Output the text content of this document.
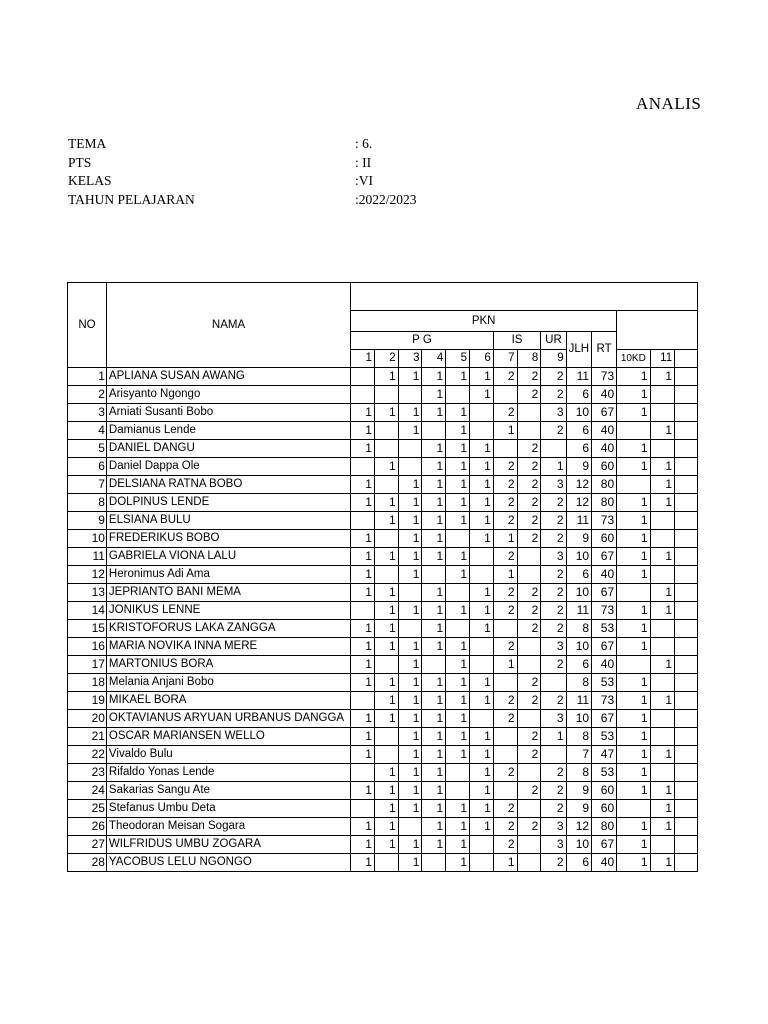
ANALIS
TEMA	: 6.
PTS	: II
KELAS	:VI
TAHUN PELAJARAN	:2022/2023
NO	NAMA														
		PKN													
		P G						IS		UR	JLH	RT			
		1	2	3	4	5	6	7	8	9			10KD	11	
1	APLIANA SUSAN AWANG		1	1	1	1	1	2	2	2	11	73	1	1	
2	Arisyanto Ngongo				1		1		2	2	6	40	1		
3	Arniati Susanti Bobo	1	1	1	1	1		2		3	10	67	1		
4	Damianus Lende	1		1		1		1		2	6	40		1	
5	DANIEL DANGU	1			1	1	1		2		6	40	1		
6	Daniel Dappa Ole		1		1	1	1	2	2	1	9	60	1	1	
7	DELSIANA RATNA BOBO	1		1	1	1	1	2	2	3	12	80		1	
8	DOLPINUS LENDE	1	1	1	1	1	1	2	2	2	12	80	1	1	
9	ELSIANA BULU		1	1	1	1	1	2	2	2	11	73	1		
10	FREDERIKUS BOBO	1		1	1		1	1	2	2	9	60	1		
11	GABRIELA VIONA LALU	1	1	1	1	1		2		3	10	67	1	1	
12	Heronimus Adi Ama	1		1		1		1		2	6	40	1		
13	JEPRIANTO BANI MEMA	1	1		1		1	2	2	2	10	67		1	
14	JONIKUS LENNE		1	1	1	1	1	2	2	2	11	73	1	1	
15	KRISTOFORUS LAKA ZANGGA	1	1		1		1		2	2	8	53	1		
16	MARIA NOVIKA INNA MERE	1	1	1	1	1		2		3	10	67	1		
17	MARTONIUS BORA	1		1		1		1		2	6	40		1	
18	Melania Anjani Bobo	1	1	1	1	1	1		2		8	53	1		
19	MIKAEL BORA		1	1	1	1	1	2	2	2	11	73	1	1	
20	OKTAVIANUS ARYUAN URBANUS DANGGA	1	1	1	1	1		2		3	10	67	1		
21	OSCAR MARIANSEN WELLO	1		1	1	1	1		2	1	8	53	1		
22	Vivaldo Bulu	1		1	1	1	1		2		7	47	1	1	
23	Rifaldo Yonas Lende		1	1	1		1	2		2	8	53	1		
24	Sakarias Sangu Ate	1	1	1	1		1		2	2	9	60	1	1	
25	Stefanus Umbu Deta		1	1	1	1	1	2		2	9	60		1	
26	Theodoran Meisan Sogara	1	1		1	1	1	2	2	3	12	80	1	1	
27	WILFRIDUS UMBU ZOGARA	1	1	1	1	1		2		3	10	67	1		
28	YACOBUS LELU NGONGO	1		1		1		1		2	6	40	1	1	
